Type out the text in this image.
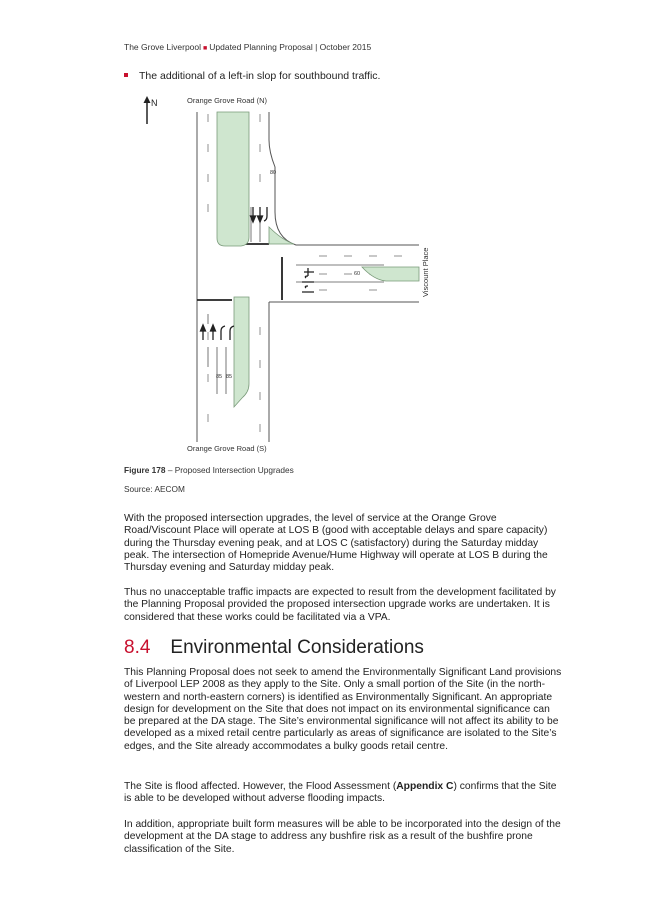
The Grove Liverpool ■ Updated Planning Proposal | October 2015
The additional of a left-in slop for southbound traffic.
N	Orange Grove Road (N)
Orange Grove Road (S)
Viscount Place
80
60
85 85
Figure 178 – Proposed Intersection Upgrades
Source: AECOM

With the proposed intersection upgrades, the level of service at the Orange Grove Road/Viscount Place will operate at LOS B (good with acceptable delays and spare capacity) during the Thursday evening peak, and at LOS C (satisfactory) during the Saturday midday peak. The intersection of Homepride Avenue/Hume Highway will operate at LOS B during the Thursday evening and Saturday midday peak.

Thus no unacceptable traffic impacts are expected to result from the development facilitated by the Planning Proposal provided the proposed intersection upgrade works are undertaken. It is considered that these works could be facilitated via a VPA.

8.4 Environmental Considerations

This Planning Proposal does not seek to amend the Environmentally Significant Land provisions of Liverpool LEP 2008 as they apply to the Site. Only a small portion of the Site (in the north-western and north-eastern corners) is identified as Environmentally Significant. An appropriate design for development on the Site that does not impact on its environmental significance can be prepared at the DA stage. The Site’s environmental significance will not affect its ability to be developed as a mixed retail centre particularly as areas of significance are isolated to the Site’s edges, and the Site already accommodates a bulky goods retail centre.

The Site is flood affected. However, the Flood Assessment (Appendix C) confirms that the Site is able to be developed without adverse flooding impacts.

In addition, appropriate built form measures will be able to be incorporated into the design of the development at the DA stage to address any bushfire risk as a result of the bushfire prone classification of the Site.
